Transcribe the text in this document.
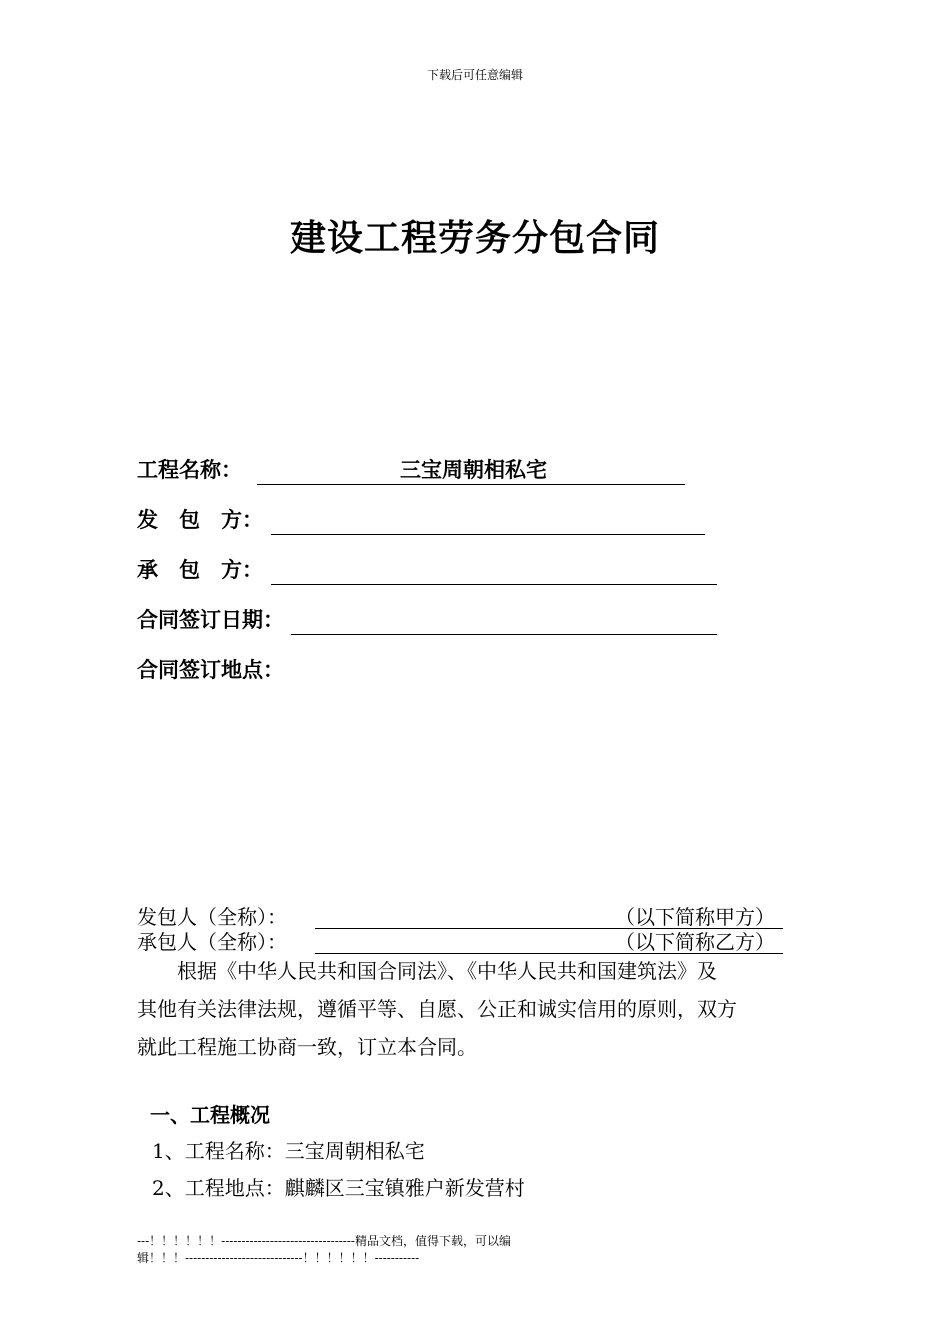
下载后可任意编辑
建设工程劳务分包合同
工程名称：	三宝周朝相私宅
发　包　方：
承　包　方：
合同签订日期：
合同签订地点：
发包人（全称）：	（以下简称甲方）
承包人（全称）：	（以下简称乙方）
　　根据《中华人民共和国合同法》、《中华人民共和国建筑法》及
其他有关法律法规，遵循平等、自愿、公正和诚实信用的原则，双方
就此工程施工协商一致，订立本合同。
一、工程概况
1、工程名称：三宝周朝相私宅
2、工程地点：麒麟区三宝镇雅户新发营村
---！！！！！！---------------------------------精品文档，值得下载，可以编
辑！！！-----------------------------！！！！！！-----------
